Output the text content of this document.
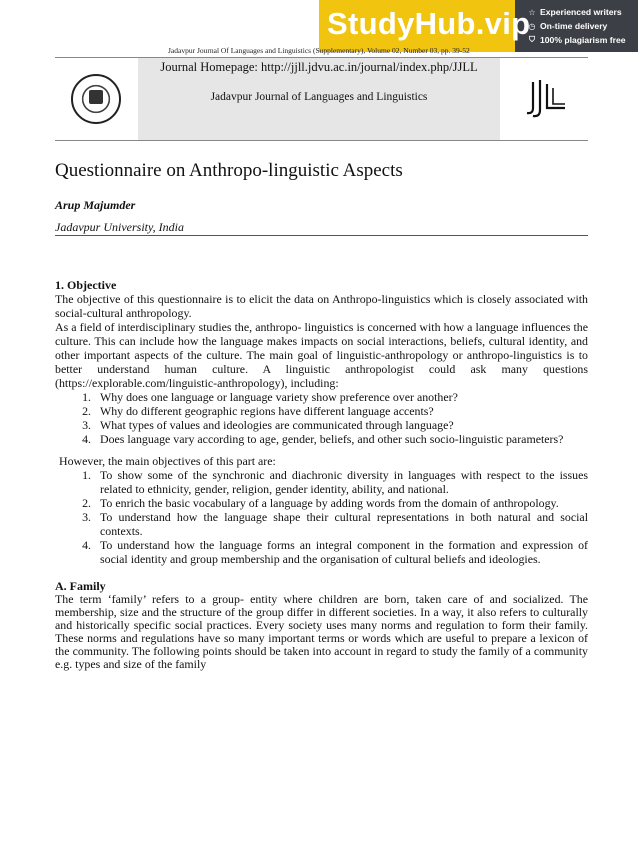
StudyHub.vip
☆ Experienced writers
◷ On-time delivery
⛉ 100% plagiarism free
Jadavpur Journal Of Languages and Linguistics (Supplementary), Volume 02, Number 03, pp. 39-52
Journal Homepage: http://jjll.jdvu.ac.in/journal/index.php/JJLL
Jadavpur Journal of Languages and Linguistics
Questionnaire on Anthropo-linguistic Aspects
Arup Majumder
Jadavpur University, India
1. Objective

The objective of this questionnaire is to elicit the data on Anthropo-linguistics which is closely associated with social-cultural anthropology.

As a field of interdisciplinary studies the, anthropo- linguistics is concerned with how a language influences the culture. This can include how the language makes impacts on social interactions, beliefs, cultural identity, and other important aspects of the culture. The main goal of linguistic-anthropology or anthropo-linguistics is to better understand human culture. A linguistic anthropologist could ask many questions (https://explorable.com/linguistic-anthropology), including:

1. Why does one language or language variety show preference over another?
2. Why do different geographic regions have different language accents?
3. What types of values and ideologies are communicated through language?
4. Does language vary according to age, gender, beliefs, and other such socio-linguistic parameters?

However, the main objectives of this part are:

1. To show some of the synchronic and diachronic diversity in languages with respect to the issues related to ethnicity, gender, religion, gender identity, ability, and national.
2. To enrich the basic vocabulary of a language by adding words from the domain of anthropology.
3. To understand how the language shape their cultural representations in both natural and social contexts.
4. To understand how the language forms an integral component in the formation and expression of social identity and group membership and the organisation of cultural beliefs and ideologies.
A. Family

The term ‘family’ refers to a group- entity where children are born, taken care of and socialized. The membership, size and the structure of the group differ in different societies. In a way, it also refers to culturally and historically specific social practices. Every society uses many norms and regulation to form their family. These norms and regulations have so many important terms or words which are useful to prepare a lexicon of the community. The following points should be taken into account in regard to study the family of a community e.g. types and size of the family
